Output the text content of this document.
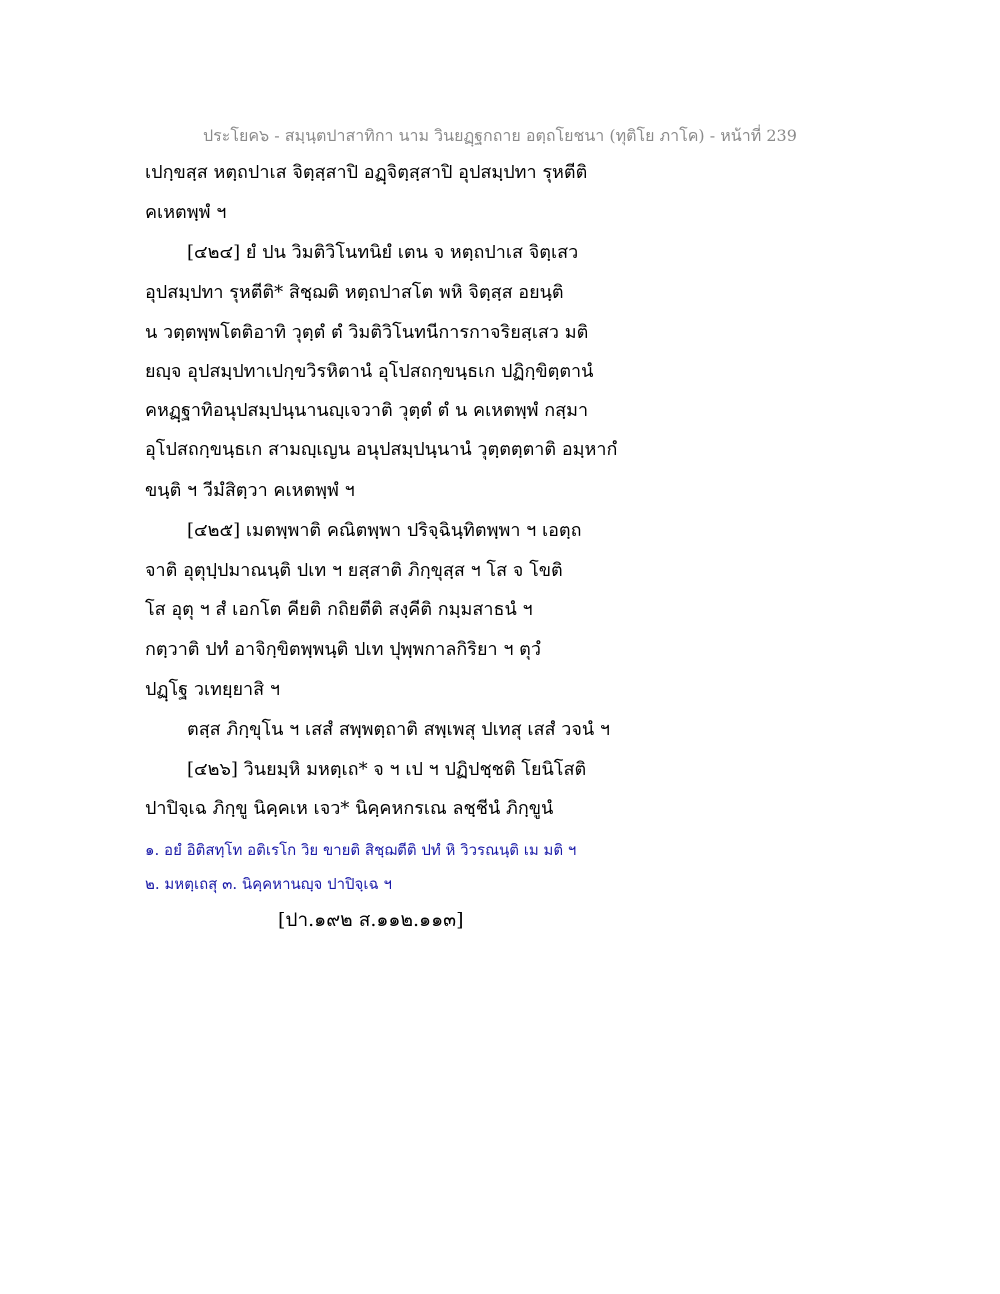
ประโยค๖ - สมฺนฺตปาสาทิกา นาม วินยฏฺฐกถาย อตฺถโยชนา (ทุติโย ภาโค) - หน้าที่ 239
เปกฺขสฺส หตฺถปาเส จิตฺสฺสาปิ อฏฺจิตฺสฺสาปิ อุปสมฺปทา รุหตีติ
คเหตพฺพํ ฯ
[๔๒๔] ยํ ปน วิมติวิโนทนิยํ เตน จ หตฺถปาเส จิตฺเสว
อุปสมฺปทา รุหตีติ* สิชฺฌติ หตฺถปาสโต พหิ จิตฺสฺส อยนฺติ
น วตฺตพฺพโตติอาทิ วุตฺตํ ตํ วิมติวิโนทนีการกาจริยสฺเสว มติ
ยญฺจ อุปสมฺปทาเปกฺขวิรหิตานํ อุโปสถกฺขนฺธเก ปฏิกฺขิตฺตานํ
คหฏฺฐาทิอนุปสมฺปนฺนานญฺเจวาติ วุตฺตํ ตํ น คเหตพฺพํ กสฺมา
อุโปสถกฺขนฺธเก สามญฺเญน อนุปสมฺปนฺนานํ วุตฺตตฺตาติ อมฺหากํ
ขนฺติ ฯ วีมํสิตฺวา คเหตพฺพํ ฯ
[๔๒๕] เมตพฺพาติ คณิตพฺพา ปริจฺฉินฺทิตพฺพา ฯ เอตฺถ
จาติ อุตุปฺปมาณนฺติ ปเท ฯ ยสฺสาติ ภิกฺขุสฺส ฯ โส จ โขติ
โส อุตุ ฯ สํ เอกโต คียติ กถิยตีติ สงฺคีติ กมฺมสาธนํ ฯ
กตฺวาติ ปทํ อาจิกฺขิตพฺพนฺติ ปเท ปุพฺพกาลกิริยา ฯ ตุวํ
ปฏฺโฐ วเทยฺยาสิ ฯ
ตสฺส ภิกฺขุโน ฯ เสสํ สพฺพตฺถาติ สพฺเพสุ ปเทสุ เสสํ วจนํ ฯ
[๔๒๖] วินยมฺหิ มหตฺเถ* จ ฯ เป ฯ ปฏิปชฺชติ โยนิโสติ
ปาปิจฺเฉ ภิกฺขู นิคฺคเห เจว* นิคฺคหกรเณ ลชฺชีนํ ภิกฺขูนํ
๑. อยํ อิติสทฺโท อติเรโก วิย ขายติ สิชฺฌตีติ ปทํ หิ วิวรณนฺติ เม มติ ฯ
๒. มหตฺเถสุ ๓. นิคฺคหานญฺจ ปาปิจฺเฉ ฯ
[ปา.๑๙๒ ส.๑๑๒.๑๑๓]
